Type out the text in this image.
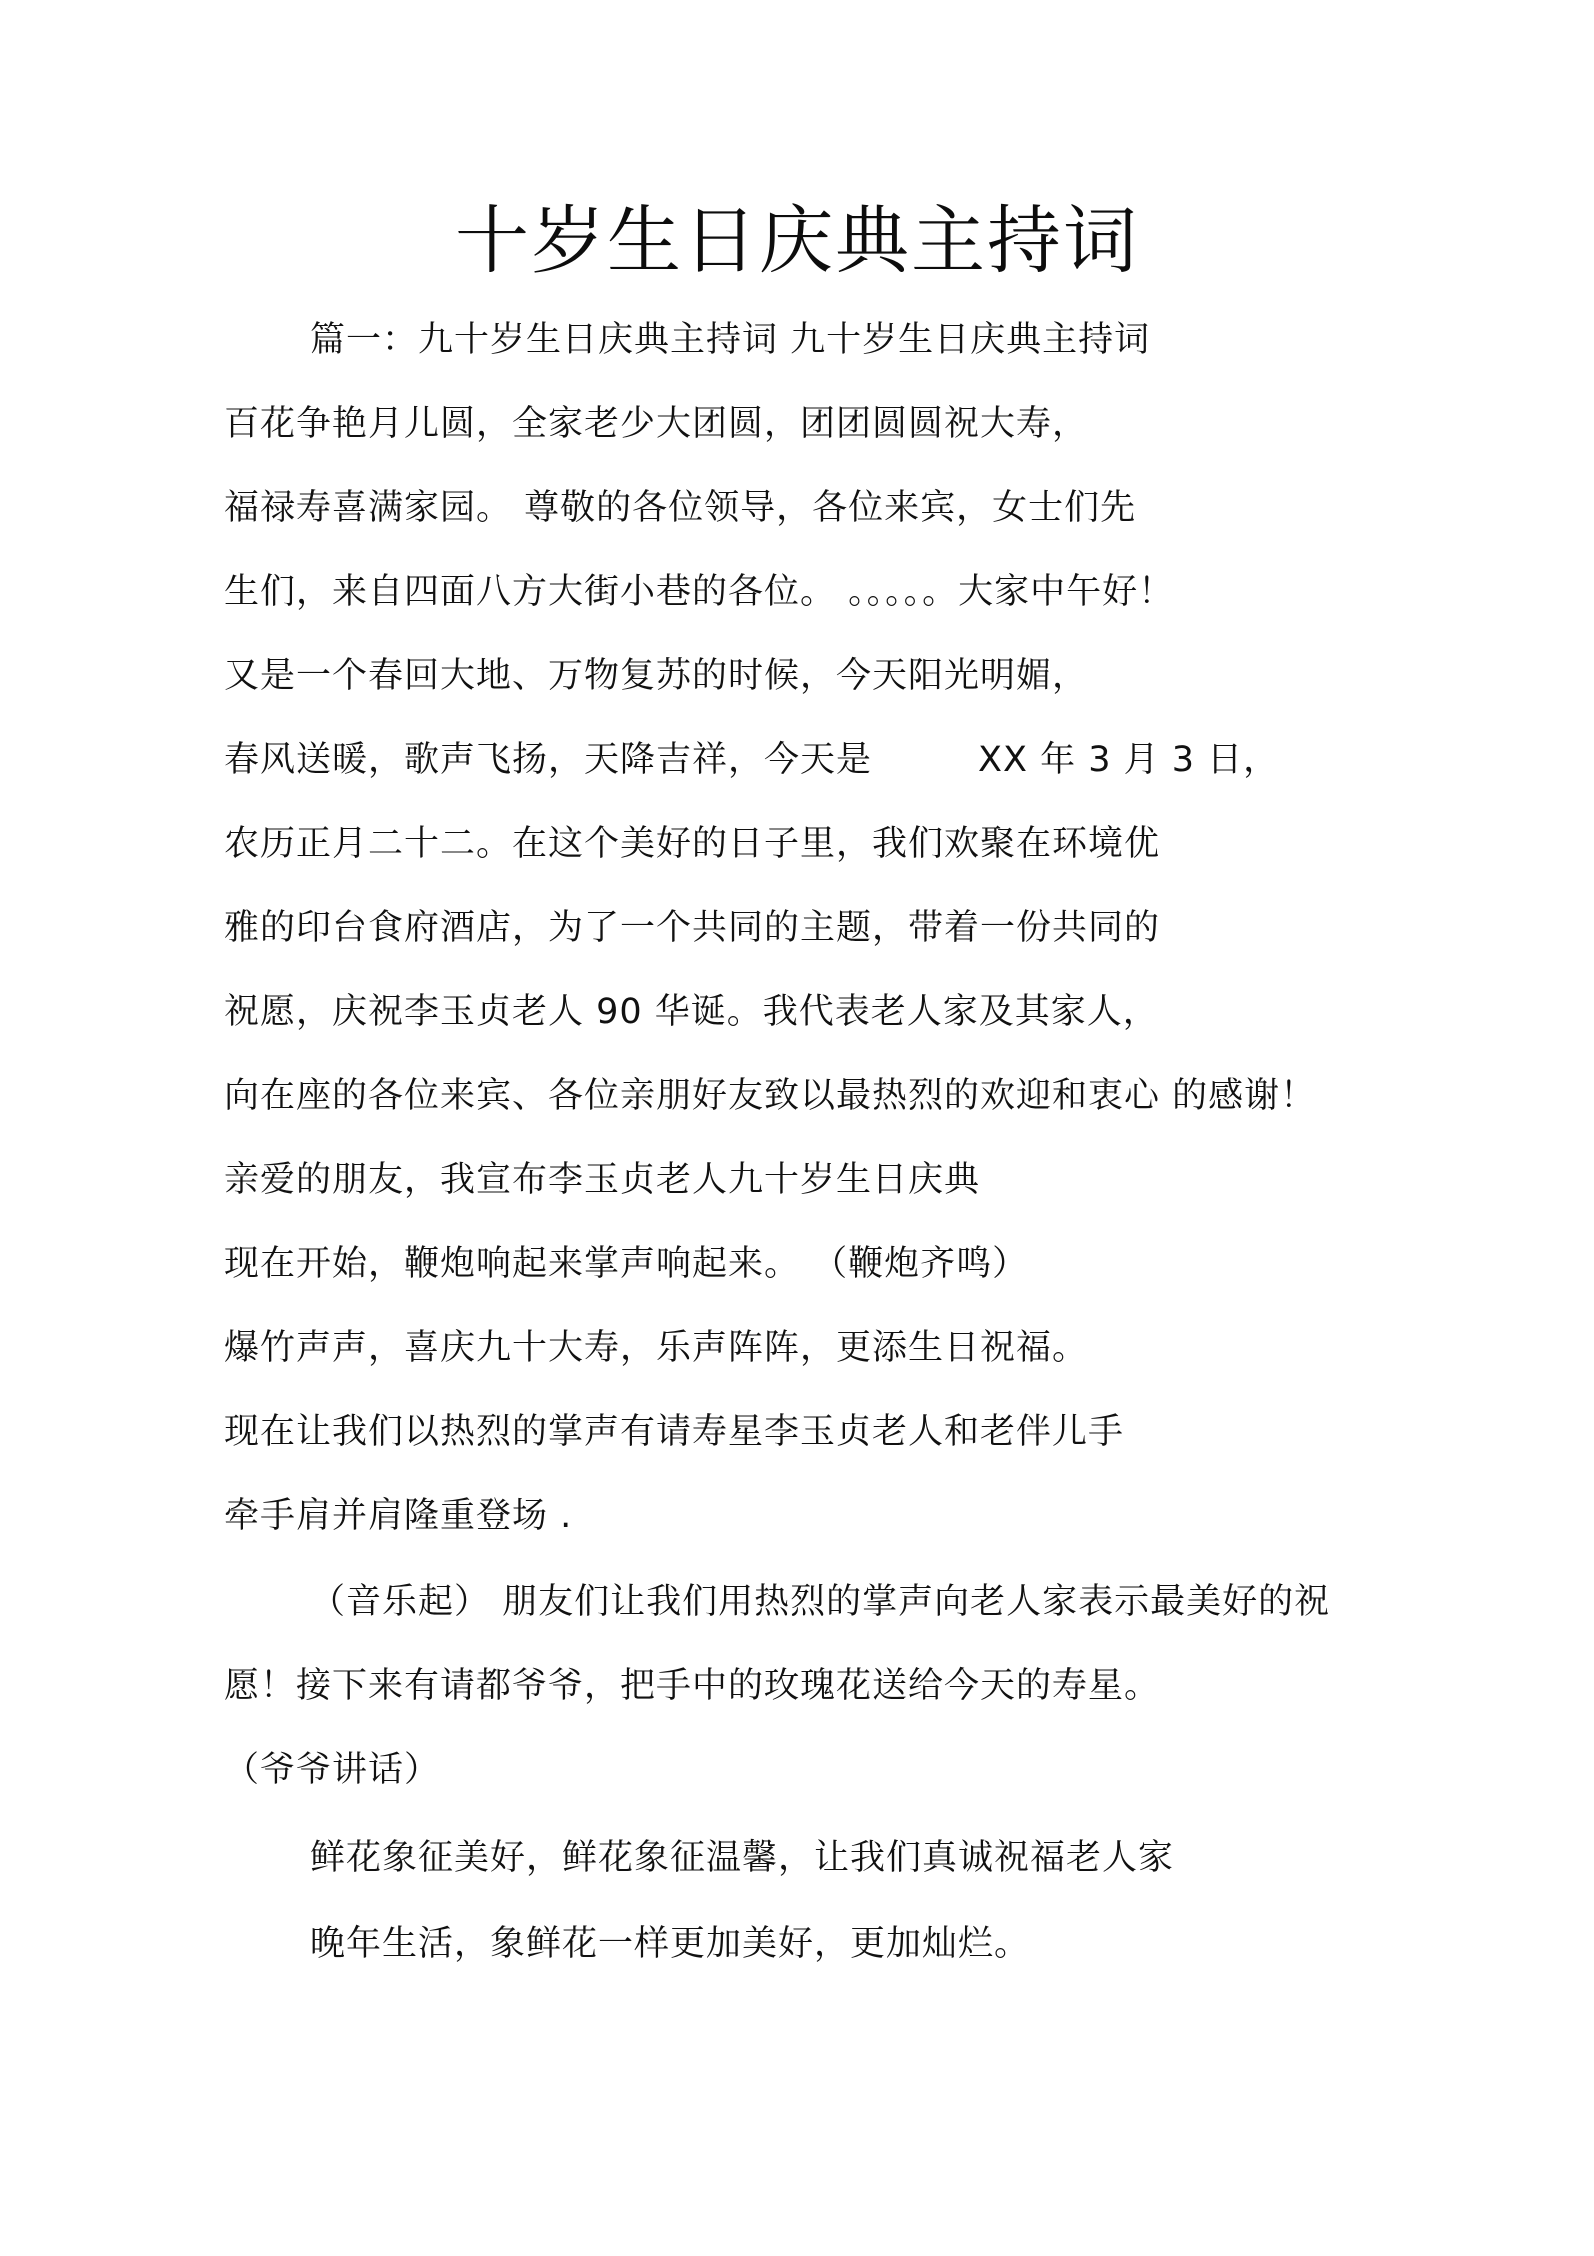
十岁生日庆典主持词
篇一：九十岁生日庆典主持词 九十岁生日庆典主持词
百花争艳月儿圆，全家老少大团圆，团团圆圆祝大寿，
福禄寿喜满家园。 尊敬的各位领导，各位来宾，女士们先
生们，来自四面八方大街小巷的各位。 。。。。。大家中午好！
又是一个春回大地、万物复苏的时候，今天阳光明媚，
春风送暖，歌声飞扬，天降吉祥，今天是	XX 年 3 月 3 日，
农历正月二十二。在这个美好的日子里，我们欢聚在环境优
雅的印台食府酒店，为了一个共同的主题，带着一份共同的
祝愿，庆祝李玉贞老人 90 华诞。我代表老人家及其家人，
向在座的各位来宾、各位亲朋好友致以最热烈的欢迎和衷心 的感谢！
亲爱的朋友，我宣布李玉贞老人九十岁生日庆典
现在开始，鞭炮响起来掌声响起来。 （鞭炮齐鸣）
爆竹声声，喜庆九十大寿，乐声阵阵，更添生日祝福。
现在让我们以热烈的掌声有请寿星李玉贞老人和老伴儿手
牵手肩并肩隆重登场 .
（音乐起） 朋友们让我们用热烈的掌声向老人家表示最美好的祝
愿！接下来有请都爷爷，把手中的玫瑰花送给今天的寿星。
（爷爷讲话）
鲜花象征美好，鲜花象征温馨，让我们真诚祝福老人家
晚年生活，象鲜花一样更加美好，更加灿烂。
